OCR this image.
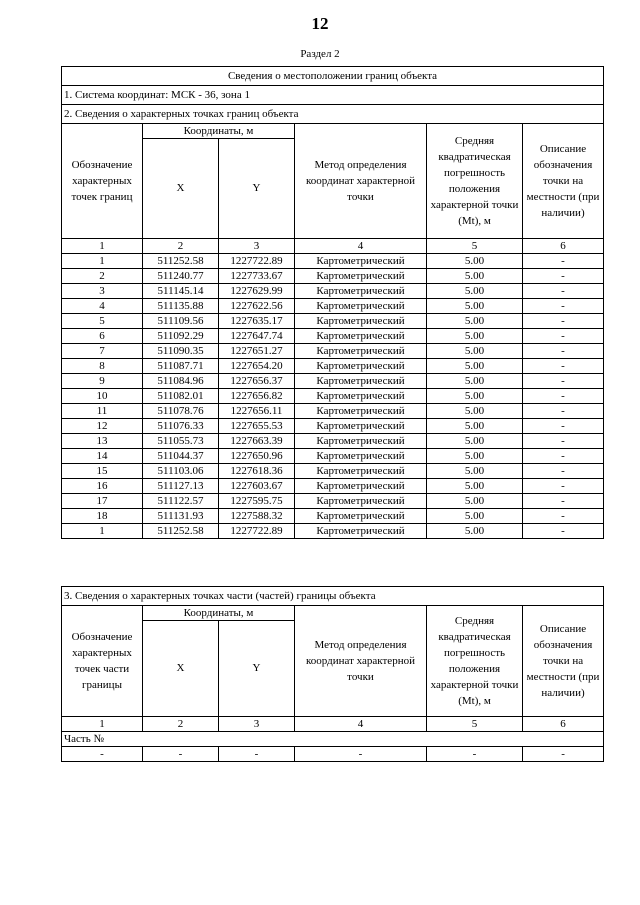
12
Раздел 2
Сведения о местоположении границ объекта					
1. Система координат: МСК - 36, зона 1					
2. Сведения о характерных точках границ объекта					
Обозначение характерных точек границ	Координаты, м		Метод определения координат характерной точки	Средняя квадратическая погрешность положения характерной точки (Mt), м	Описание обозначения точки на местности (при наличии)
	X	Y			
1	2	3	4	5	6
1	511252.58	1227722.89	Картометрический	5.00	-
2	511240.77	1227733.67	Картометрический	5.00	-
3	511145.14	1227629.99	Картометрический	5.00	-
4	511135.88	1227622.56	Картометрический	5.00	-
5	511109.56	1227635.17	Картометрический	5.00	-
6	511092.29	1227647.74	Картометрический	5.00	-
7	511090.35	1227651.27	Картометрический	5.00	-
8	511087.71	1227654.20	Картометрический	5.00	-
9	511084.96	1227656.37	Картометрический	5.00	-
10	511082.01	1227656.82	Картометрический	5.00	-
11	511078.76	1227656.11	Картометрический	5.00	-
12	511076.33	1227655.53	Картометрический	5.00	-
13	511055.73	1227663.39	Картометрический	5.00	-
14	511044.37	1227650.96	Картометрический	5.00	-
15	511103.06	1227618.36	Картометрический	5.00	-
16	511127.13	1227603.67	Картометрический	5.00	-
17	511122.57	1227595.75	Картометрический	5.00	-
18	511131.93	1227588.32	Картометрический	5.00	-
1	511252.58	1227722.89	Картометрический	5.00	-
3. Сведения о характерных точках части (частей) границы объекта					
Обозначение характерных точек части границы	Координаты, м		Метод определения координат характерной точки	Средняя квадратическая погрешность положения характерной точки (Mt), м	Описание обозначения точки на местности (при наличии)
	X	Y			
1	2	3	4	5	6
Часть №					
-	-	-	-	-	-
